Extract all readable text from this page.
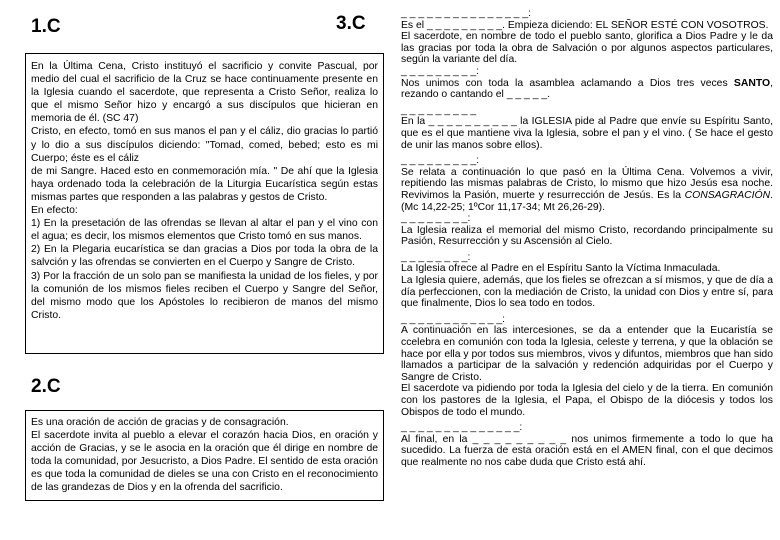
1.C	3.C

En la Última Cena, Cristo instituyó el sacrificio y convite Pascual, por medio del cual el sacrificio de la Cruz se hace continuamente presente en la Iglesia cuando el sacerdote, que representa a Cristo Señor, realiza lo que el mismo Señor hizo y encargó a sus discípulos que hicieran en memoria de él. (SC 47)

Cristo, en efecto, tomó en sus manos el pan y el cáliz, dio gracias lo partió y lo dio a sus discípulos diciendo: "Tomad, comed, bebed; esto es mi Cuerpo; éste es el cáliz

de mi Sangre. Haced esto en conmemoración mía. " De ahí que la Iglesia haya ordenado toda la celebración de la Liturgia Eucarística según estas mismas partes que responden a las palabras y gestos de Cristo.

En efecto:

1) En la presetación de las ofrendas se llevan al altar el pan y el vino con el agua; es decir, los mismos elementos que Cristo tomó en sus manos.

2) En la Plegaria eucarística se dan gracias a Dios por toda la obra de la salvción y las ofrendas se convierten en el Cuerpo y Sangre de Cristo.

3) Por la fracción de un solo pan se manifiesta la unidad de los fieles, y por la comunión de los mismos fieles reciben el Cuerpo y Sangre del Señor, del mismo modo que los Apóstoles lo recibieron de manos del mismo Cristo.

2.C

Es una oración de acción de gracias y de consagración.

El sacerdote invita al pueblo a elevar el corazón hacia Dios, en oración y acción de Gracias, y se le asocia en la oración que él dirige en nombre de toda la comunidad, por Jesucristo, a Dios Padre. El sentido de esta oración es que toda la comunidad de dieles se una con Cristo en el reconocimiento de las grandezas de Dios y en la ofrenda del sacrificio.

_ _ _ _ _ _ _ _ _ _ _ _ _ _ _:

Es el _ _ _ _ _ _ _ _ _. Empieza diciendo: EL SEÑOR ESTÉ CON VOSOTROS.

El sacerdote, en nombre de todo el pueblo santo, glorifica a Dios Padre y le da las gracias por toda la obra de Salvación o por algunos aspectos particulares, según la variante del día.

_ _ _ _ _ _ _ _ _:

Nos unimos con toda la asamblea aclamando a Dios tres veces SANTO, rezando o cantando el _ _ _ _ _.

_ _ _ _ _ _ _ _ _

En la _ _ _ _ _ _ _ _ _ _ la IGLESIA pide al Padre que envíe su Espíritu Santo, que es el que mantiene viva la Iglesia, sobre el pan y el vino. ( Se hace el gesto de unir las manos sobre ellos).

_ _ _ _ _ _ _ _ _:

Se relata a continuación lo que pasó en la Última Cena. Volvemos a vivir, repitiendo las mismas palabras de Cristo, lo mismo que hizo Jesús esa noche. Revivimos la Pasión, muerte y resurrección de Jesús. Es la CONSAGRACIÓN. (Mc 14,22-25; 1ºCor 11,17-34; Mt 26,26-29).

_ _ _ _ _ _ _ _:

La Iglesia realiza el memorial del mismo Cristo, recordando principalmente su Pasión, Resurrección y su Ascensión al Cielo.

_ _ _ _ _ _ _ _:

La Iglesia ofrece al Padre en el Espíritu Santo la Víctima Inmaculada.

La Iglesia quiere, además, que los fieles se ofrezcan a sí mismos, y que de día a día perfeccionen, con la mediación de Cristo, la unidad con Dios y entre sí, para que finalmente, Dios lo sea todo en todos.

_ _ _ _ _ _ _ _ _ _ _ _:

A continuación en las intercesiones, se da a entender que la Eucaristía se ccelebra en comunión con toda la Iglesia, celeste y terrena, y que la oblación se hace por ella y por todos sus miembros, vivos y difuntos, miembros que han sido llamados a participar de la salvación y redención adquiridas por el Cuerpo y Sangre de Cristo.

El sacerdote va pidiendo por toda la Iglesia del cielo y de la tierra. En comunión con los pastores de la Iglesia, el Papa, el Obispo de la diócesis y todos los Obispos de todo el mundo.

_ _ _ _ _ _ _ _ _ _ _ _ _ _:

Al final, en la _ _ _ _ _ _ _ _ _ nos unimos firmemente a todo lo que ha sucedido. La fuerza de esta oración está en el AMEN final, con el que decimos que realmente no nos cabe duda que Cristo está ahí.
